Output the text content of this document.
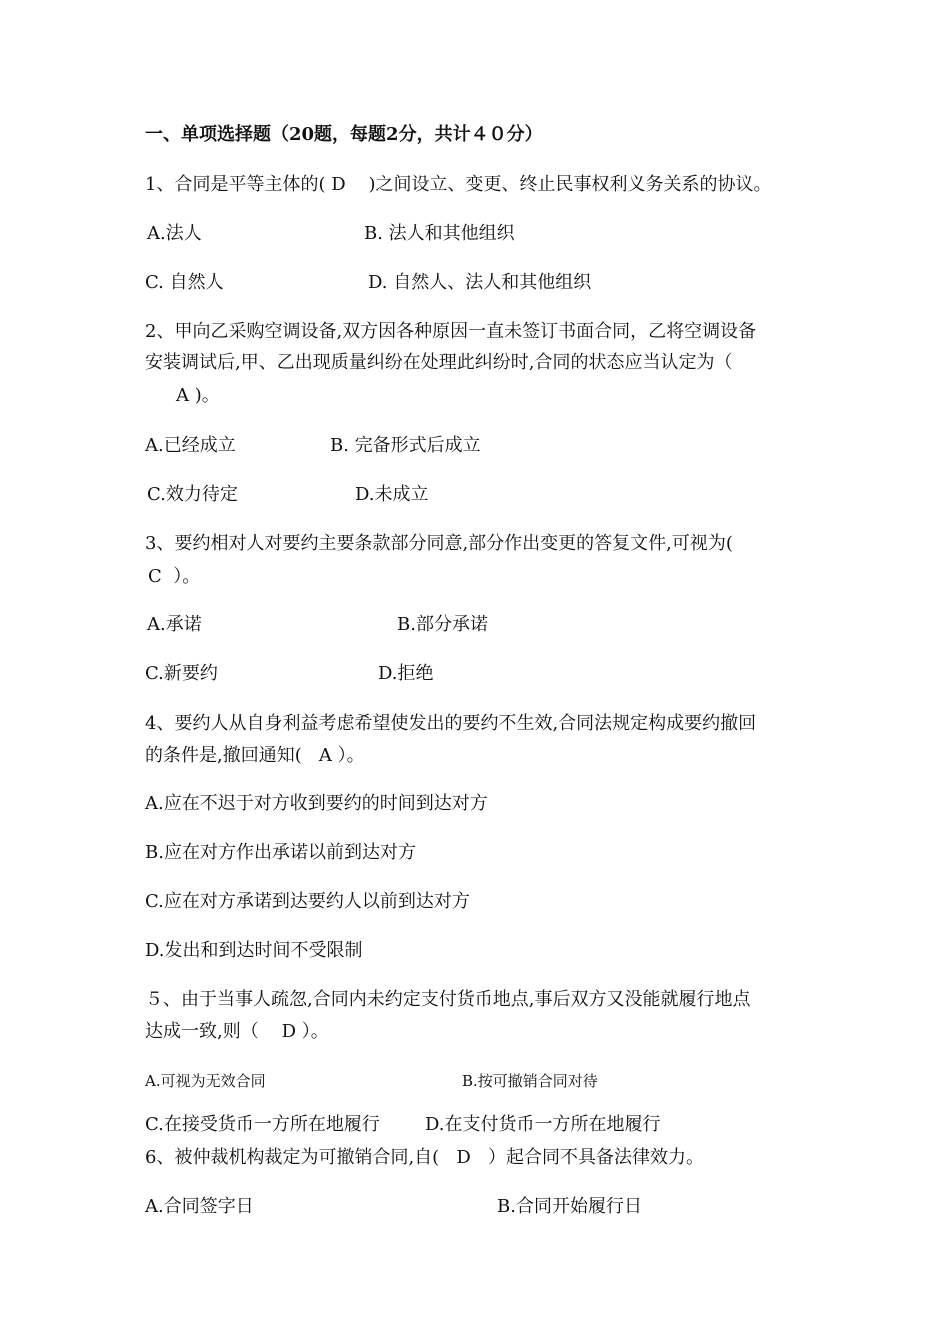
一、单项选择题（20题，每题2分，共计４０分）
1、合同是平等主体的( D    )之间设立、变更、终止民事权利义务关系的协议。
A.法人	B. 法人和其他组织
C. 自然人	D. 自然人、法人和其他组织
2、甲向乙采购空调设备,双方因各种原因一直未签订书面合同，乙将空调设备
安装调试后,甲、乙出现质量纠纷在处理此纠纷时,合同的状态应当认定为（
A )。
A.已经成立	B. 完备形式后成立
C.效力待定	D.未成立
3、要约相对人对要约主要条款部分同意,部分作出变更的答复文件,可视为(
C  ）。
A.承诺	B.部分承诺
C.新要约	D.拒绝
4、要约人从自身利益考虑希望使发出的要约不生效,合同法规定构成要约撤回
的条件是,撤回通知(   A ）。
A.应在不迟于对方收到要约的时间到达对方
B.应在对方作出承诺以前到达对方
C.应在对方承诺到达要约人以前到达对方
D.发出和到达时间不受限制
５、由于当事人疏忽,合同内未约定支付货币地点,事后双方又没能就履行地点
达成一致,则（    D ）。
A.可视为无效合同	B.按可撤销合同对待
C.在接受货币一方所在地履行	D.在支付货币一方所在地履行
6、被仲裁机构裁定为可撤销合同,自(   D   ）起合同不具备法律效力。
A.合同签字日	B.合同开始履行日
